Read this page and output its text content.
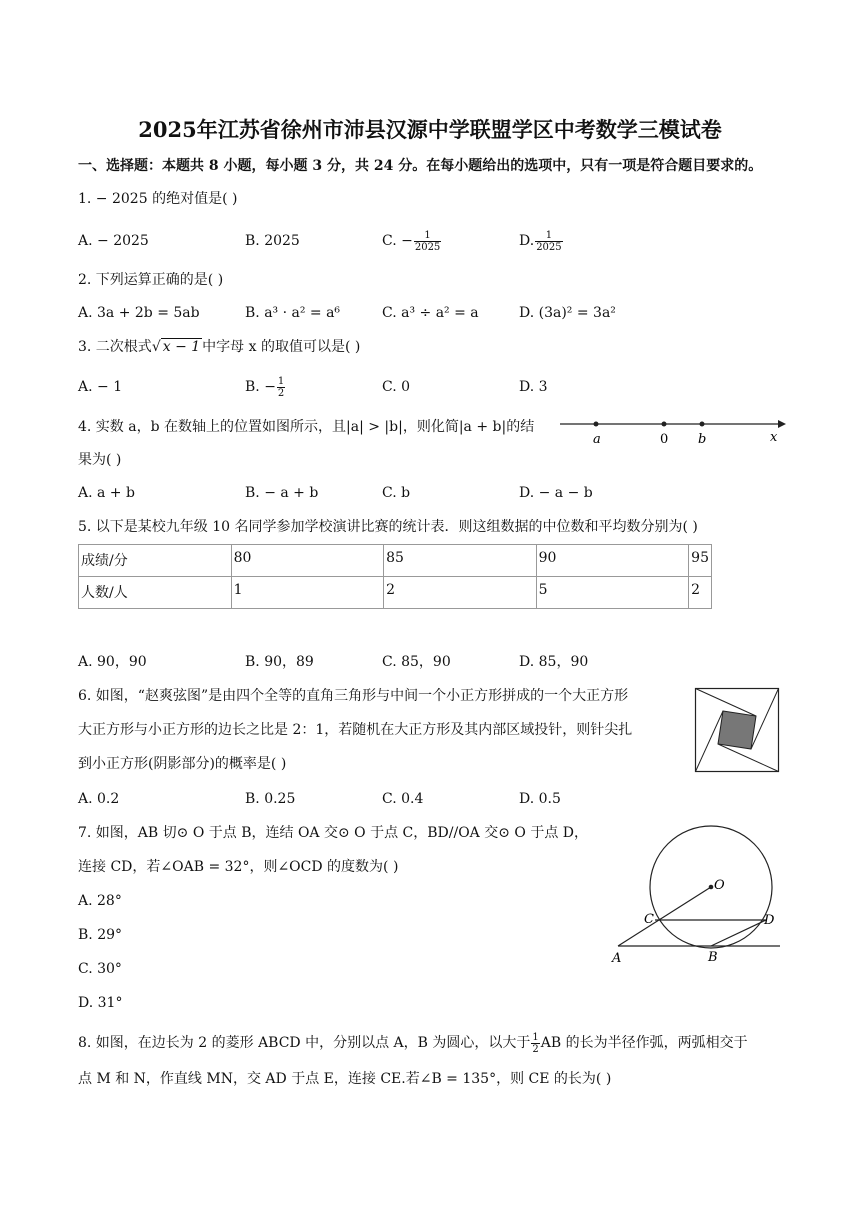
2025年江苏省徐州市沛县汉源中学联盟学区中考数学三模试卷
一、选择题：本题共 8 小题，每小题 3 分，共 24 分。在每小题给出的选项中，只有一项是符合题目要求的。
1. − 2025 的绝对值是( )
A. − 2025	B. 2025	C. − $\frac{1}{2025}$	D. $\frac{1}{2025}$
2. 下列运算正确的是( )
A. 3a + 2b = 5ab	B. a³ · a² = a⁶	C. a³ ÷ a² = a	D. (3a)² = 3a²
3. 二次根式√ x − 1 中字母 x 的取值可以是( )
A. − 1	B. − $\frac{1}{2}$	C. 0	D. 3
4. 实数 a，b 在数轴上的位置如图所示，且|a| > |b|，则化简|a + b|的结
果为( )
a	0 b	x
A. a + b	B. − a + b	C. b	D. − a − b
5. 以下是某校九年级 10 名同学参加学校演讲比赛的统计表．则这组数据的中位数和平均数分别为( )
成绩/分	80	85	90	95
人数/人	1	2	5	2
A. 90，90	B. 90，89	C. 85，90	D. 85，90
6. 如图，“赵爽弦图”是由四个全等的直角三角形与中间一个小正方形拼成的一个大正方形
大正方形与小正方形的边长之比是 2：1，若随机在大正方形及其内部区域投针，则针尖扎
到小正方形(阴影部分)的概率是( )
A. 0.2	B. 0.25	C. 0.4	D. 0.5
7. 如图，AB 切⊙ O 于点 B，连结 OA 交⊙ O 于点 C，BD//OA 交⊙ O 于点 D，
连接 CD，若∠OAB = 32°，则∠OCD 的度数为( )
A. 28°
B. 29°
C. 30°
D. 31°
O
C	D
A	B
8. 如图，在边长为 2 的菱形 ABCD 中，分别以点 A，B 为圆心，以大于 $\frac{1}{2}$ AB 的长为半径作弧，两弧相交于
点 M 和 N，作直线 MN，交 AD 于点 E，连接 CE.若∠B = 135°，则 CE 的长为( )
